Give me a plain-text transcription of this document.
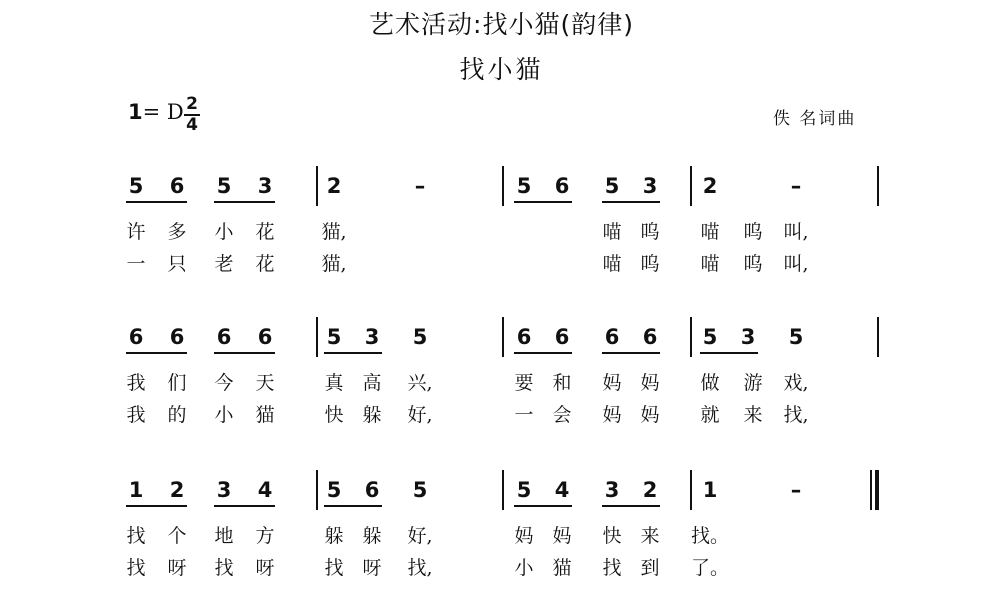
艺术活动:找小猫(韵律)
找小猫
1= D 2
4	佚 名词曲
5 6 5 3	2	–	5 6 5 3 2	–
许 多 小 花 猫,	喵 呜 喵 呜 叫,
一 只 老 花 猫,	喵 呜 喵 呜 叫,
6 6 6 6	5 3 5	6 6 6 6 5 3 5
我 们 今 天	真 高 兴,	要 和 妈 妈 做 游 戏,
我 的 小 猫	快 躲 好,	一 会 妈 妈 就 来 找,
1 2 3 4	5 6 5	5 4 3 2 1	–
找 个 地 方	躲 躲 好,	妈 妈 快 来 找。
找 呀 找 呀	找 呀 找,	小 猫 找 到 了。
